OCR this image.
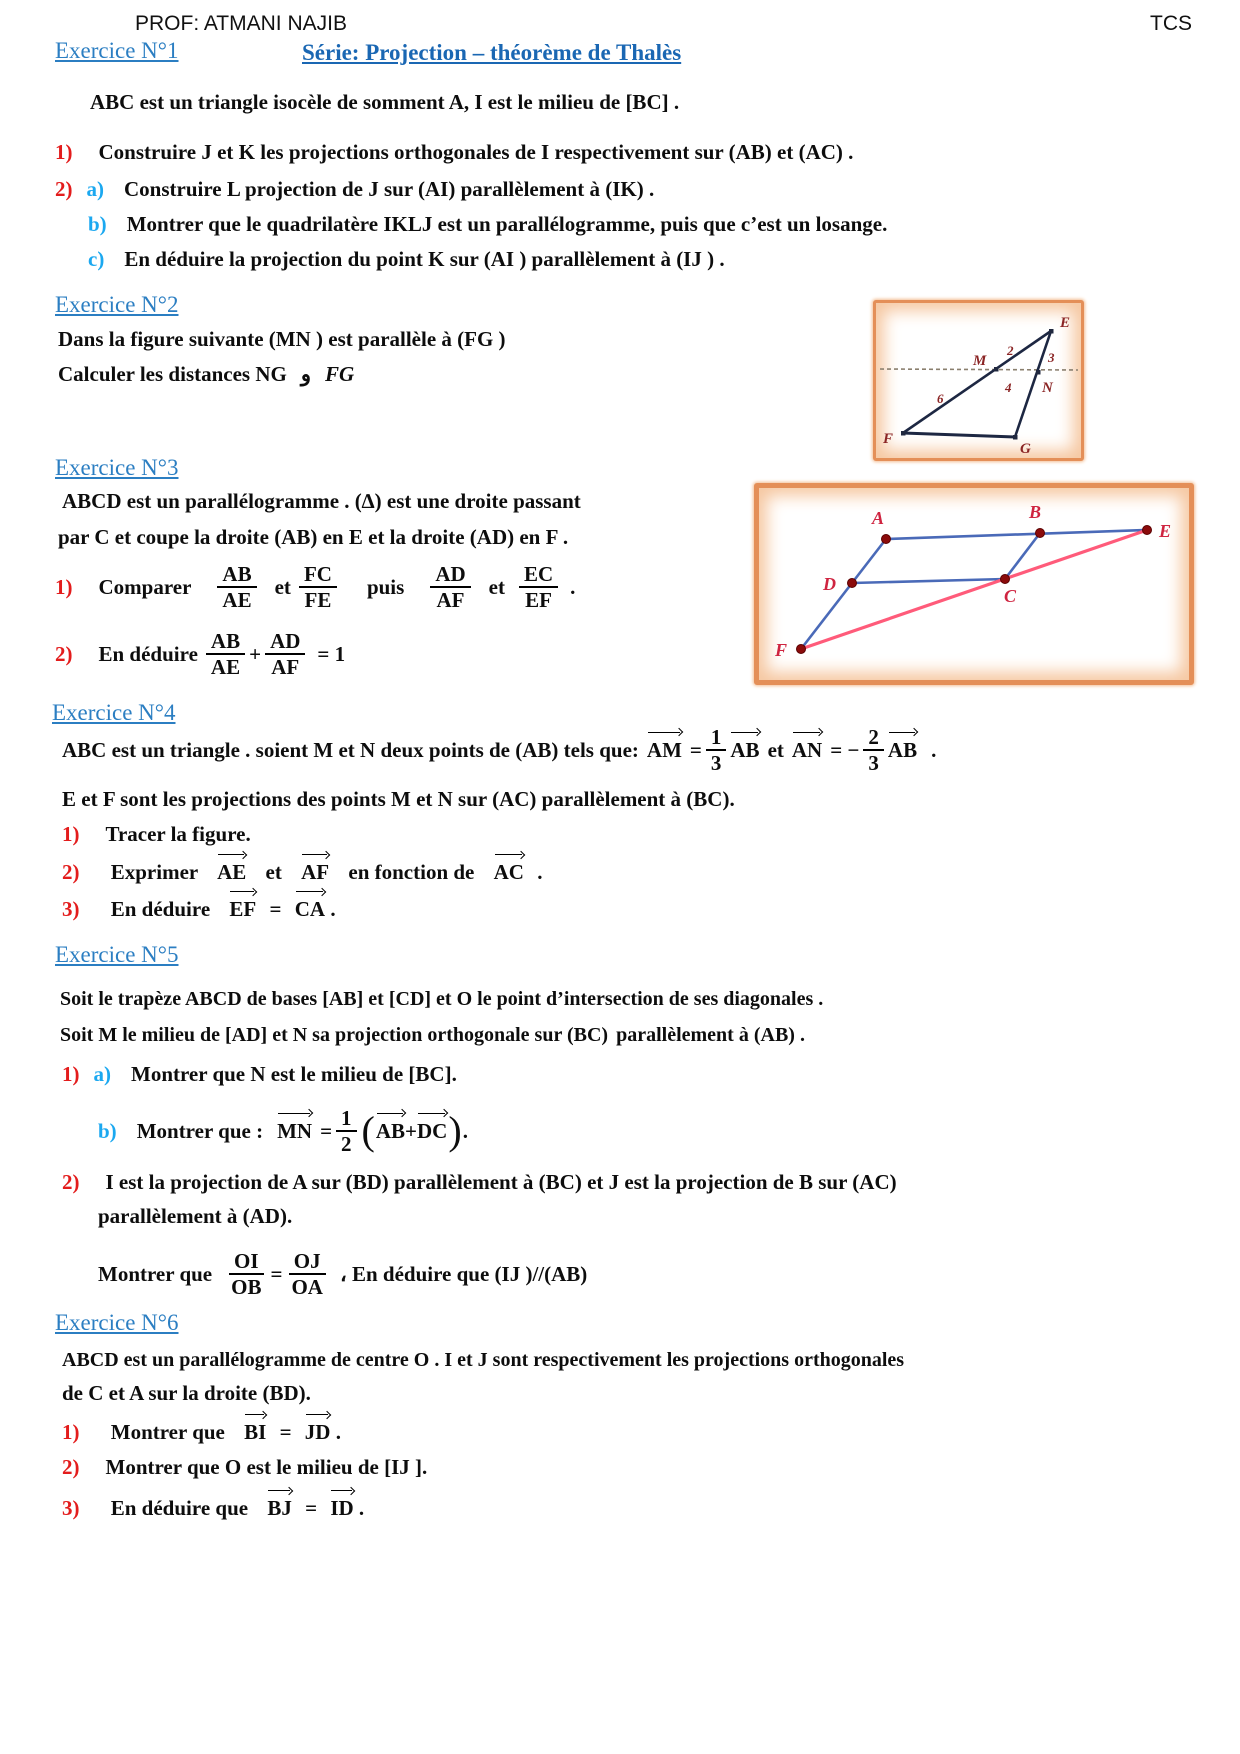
PROF: ATMANI NAJIB	TCS
Exercice N°1	Série: Projection – théorème de Thalès
ABC est un triangle isocèle de somment A, I est le milieu de [BC] .
1) Construire J et K les projections orthogonales de I respectivement sur (AB) et (AC) .
2) a) Construire L projection de J sur (AI) parallèlement à (IK) .
b) Montrer que le quadrilatère IKLJ est un parallélogramme, puis que c’est un losange.
c) En déduire la projection du point K sur (AI ) parallèlement à (IJ ) .
Exercice N°2
Dans la figure suivante (MN ) est parallèle à (FG )
Calculer les distances NG و FG
E
M
N
F
G
2	3
4
6
Exercice N°3
ABCD est un parallélogramme . (∆) est une droite passant
par C et coupe la droite (AB) en E et la droite (AD) en F .
1) Comparer $\frac{AB}{AE}$ et $\frac{FC}{FE}$ puis $\frac{AD}{AF}$ et $\frac{EC}{EF}$ .
2) En déduire $\frac{AB}{AE} + \frac{AD}{AF} = 1$
A	B
C
D
E
F
Exercice N°4
ABC est un triangle . soient M et N deux points de (AB) tels que: AM = $\frac{1}{3}$ AB et AN = − $\frac{2}{3}$ AB .
E et F sont les projections des points M et N sur (AC) parallèlement à (BC).
1) Tracer la figure.
2) Exprimer AE et AF en fonction de AC .
3) En déduire EF = CA .
Exercice N°5
Soit le trapèze ABCD de bases [AB] et [CD] et O le point d’intersection de ses diagonales .
Soit M le milieu de [AD] et N sa projection orthogonale sur (BC) parallèlement à (AB) .
1) a) Montrer que N est le milieu de [BC].
b) Montrer que : MN = $\frac{1}{2}$ ( AB + DC ) .
2) I est la projection de A sur (BD) parallèlement à (BC) et J est la projection de B sur (AC)
parallèlement à (AD).
Montrer que $\frac{OI}{OB} = \frac{OJ}{OA}$ ، En déduire que (IJ )//(AB)
Exercice N°6
ABCD est un parallélogramme de centre O . I et J sont respectivement les projections orthogonales
de C et A sur la droite (BD).
1) Montrer que BI = JD .
2) Montrer que O est le milieu de [IJ ].
3) En déduire que BJ = ID .
